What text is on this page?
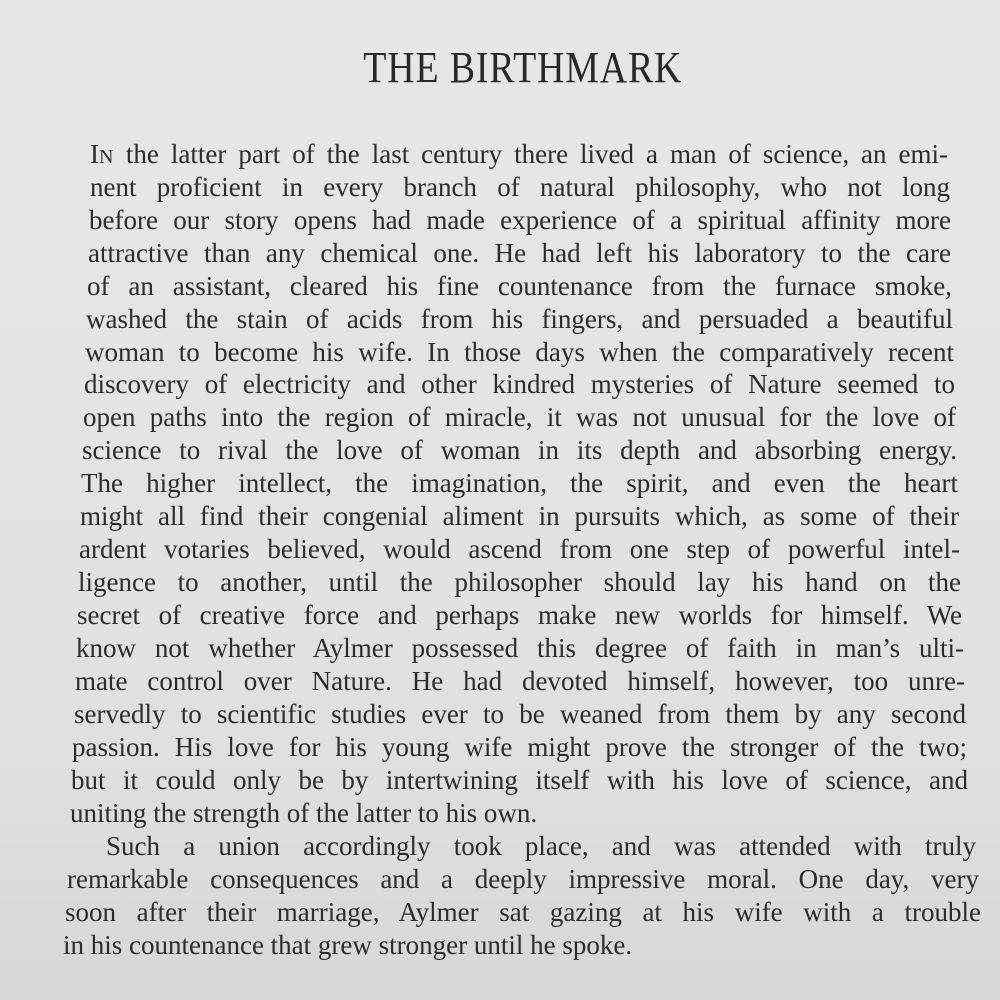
THE BIRTHMARK
IN the latter part of the last century there lived a man of science, an emi-
nent proficient in every branch of natural philosophy, who not long
before our story opens had made experience of a spiritual affinity more
attractive than any chemical one. He had left his laboratory to the care
of an assistant, cleared his fine countenance from the furnace smoke,
washed the stain of acids from his fingers, and persuaded a beautiful
woman to become his wife. In those days when the comparatively recent
discovery of electricity and other kindred mysteries of Nature seemed to
open paths into the region of miracle, it was not unusual for the love of
science to rival the love of woman in its depth and absorbing energy.
The higher intellect, the imagination, the spirit, and even the heart
might all find their congenial aliment in pursuits which, as some of their
ardent votaries believed, would ascend from one step of powerful intel-
ligence to another, until the philosopher should lay his hand on the
secret of creative force and perhaps make new worlds for himself. We
know not whether Aylmer possessed this degree of faith in man’s ulti-
mate control over Nature. He had devoted himself, however, too unre-
servedly to scientific studies ever to be weaned from them by any second
passion. His love for his young wife might prove the stronger of the two;
but it could only be by intertwining itself with his love of science, and
uniting the strength of the latter to his own.
Such a union accordingly took place, and was attended with truly
remarkable consequences and a deeply impressive moral. One day, very
soon after their marriage, Aylmer sat gazing at his wife with a trouble
in his countenance that grew stronger until he spoke.
